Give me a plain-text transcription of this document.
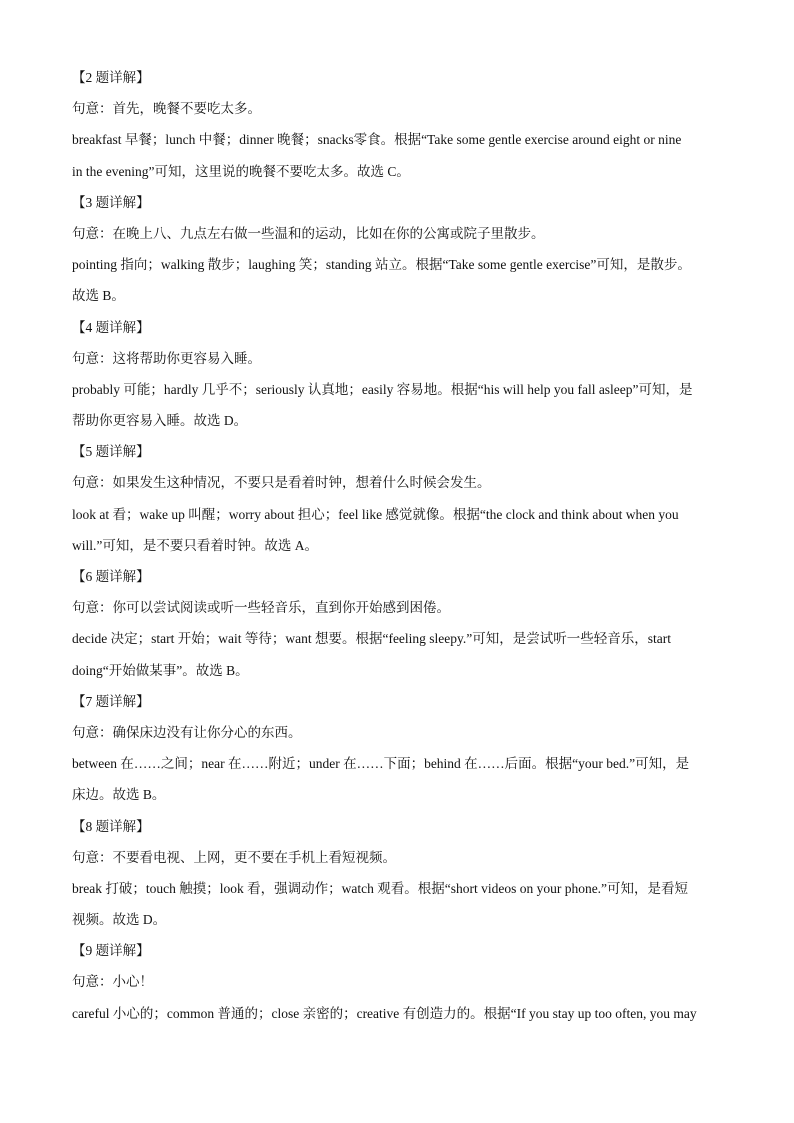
【2 题详解】
句意：首先，晚餐不要吃太多。
breakfast 早餐；lunch 中餐；dinner 晚餐；snacks零食。根据“Take some gentle exercise around eight or nine
in the evening”可知，这里说的晚餐不要吃太多。故选 C。
【3 题详解】
句意：在晚上八、九点左右做一些温和的运动，比如在你的公寓或院子里散步。
pointing 指向；walking 散步；laughing 笑；standing 站立。根据“Take some gentle exercise”可知，是散步。
故选 B。
【4 题详解】
句意：这将帮助你更容易入睡。
probably 可能；hardly 几乎不；seriously 认真地；easily 容易地。根据“his will help you fall asleep”可知，是
帮助你更容易入睡。故选 D。
【5 题详解】
句意：如果发生这种情况，不要只是看着时钟，想着什么时候会发生。
look at 看；wake up 叫醒；worry about 担心；feel like 感觉就像。根据“the clock and think about when you
will.”可知，是不要只看着时钟。故选 A。
【6 题详解】
句意：你可以尝试阅读或听一些轻音乐，直到你开始感到困倦。
decide 决定；start 开始；wait 等待；want 想要。根据“feeling sleepy.”可知，是尝试听一些轻音乐，start
doing“开始做某事”。故选 B。
【7 题详解】
句意：确保床边没有让你分心的东西。
between 在……之间；near 在……附近；under 在……下面；behind 在……后面。根据“your bed.”可知，是
床边。故选 B。
【8 题详解】
句意：不要看电视、上网，更不要在手机上看短视频。
break 打破；touch 触摸；look 看，强调动作；watch 观看。根据“short videos on your phone.”可知，是看短
视频。故选 D。
【9 题详解】
句意：小心！
careful 小心的；common 普通的；close 亲密的；creative 有创造力的。根据“If you stay up too often, you may
